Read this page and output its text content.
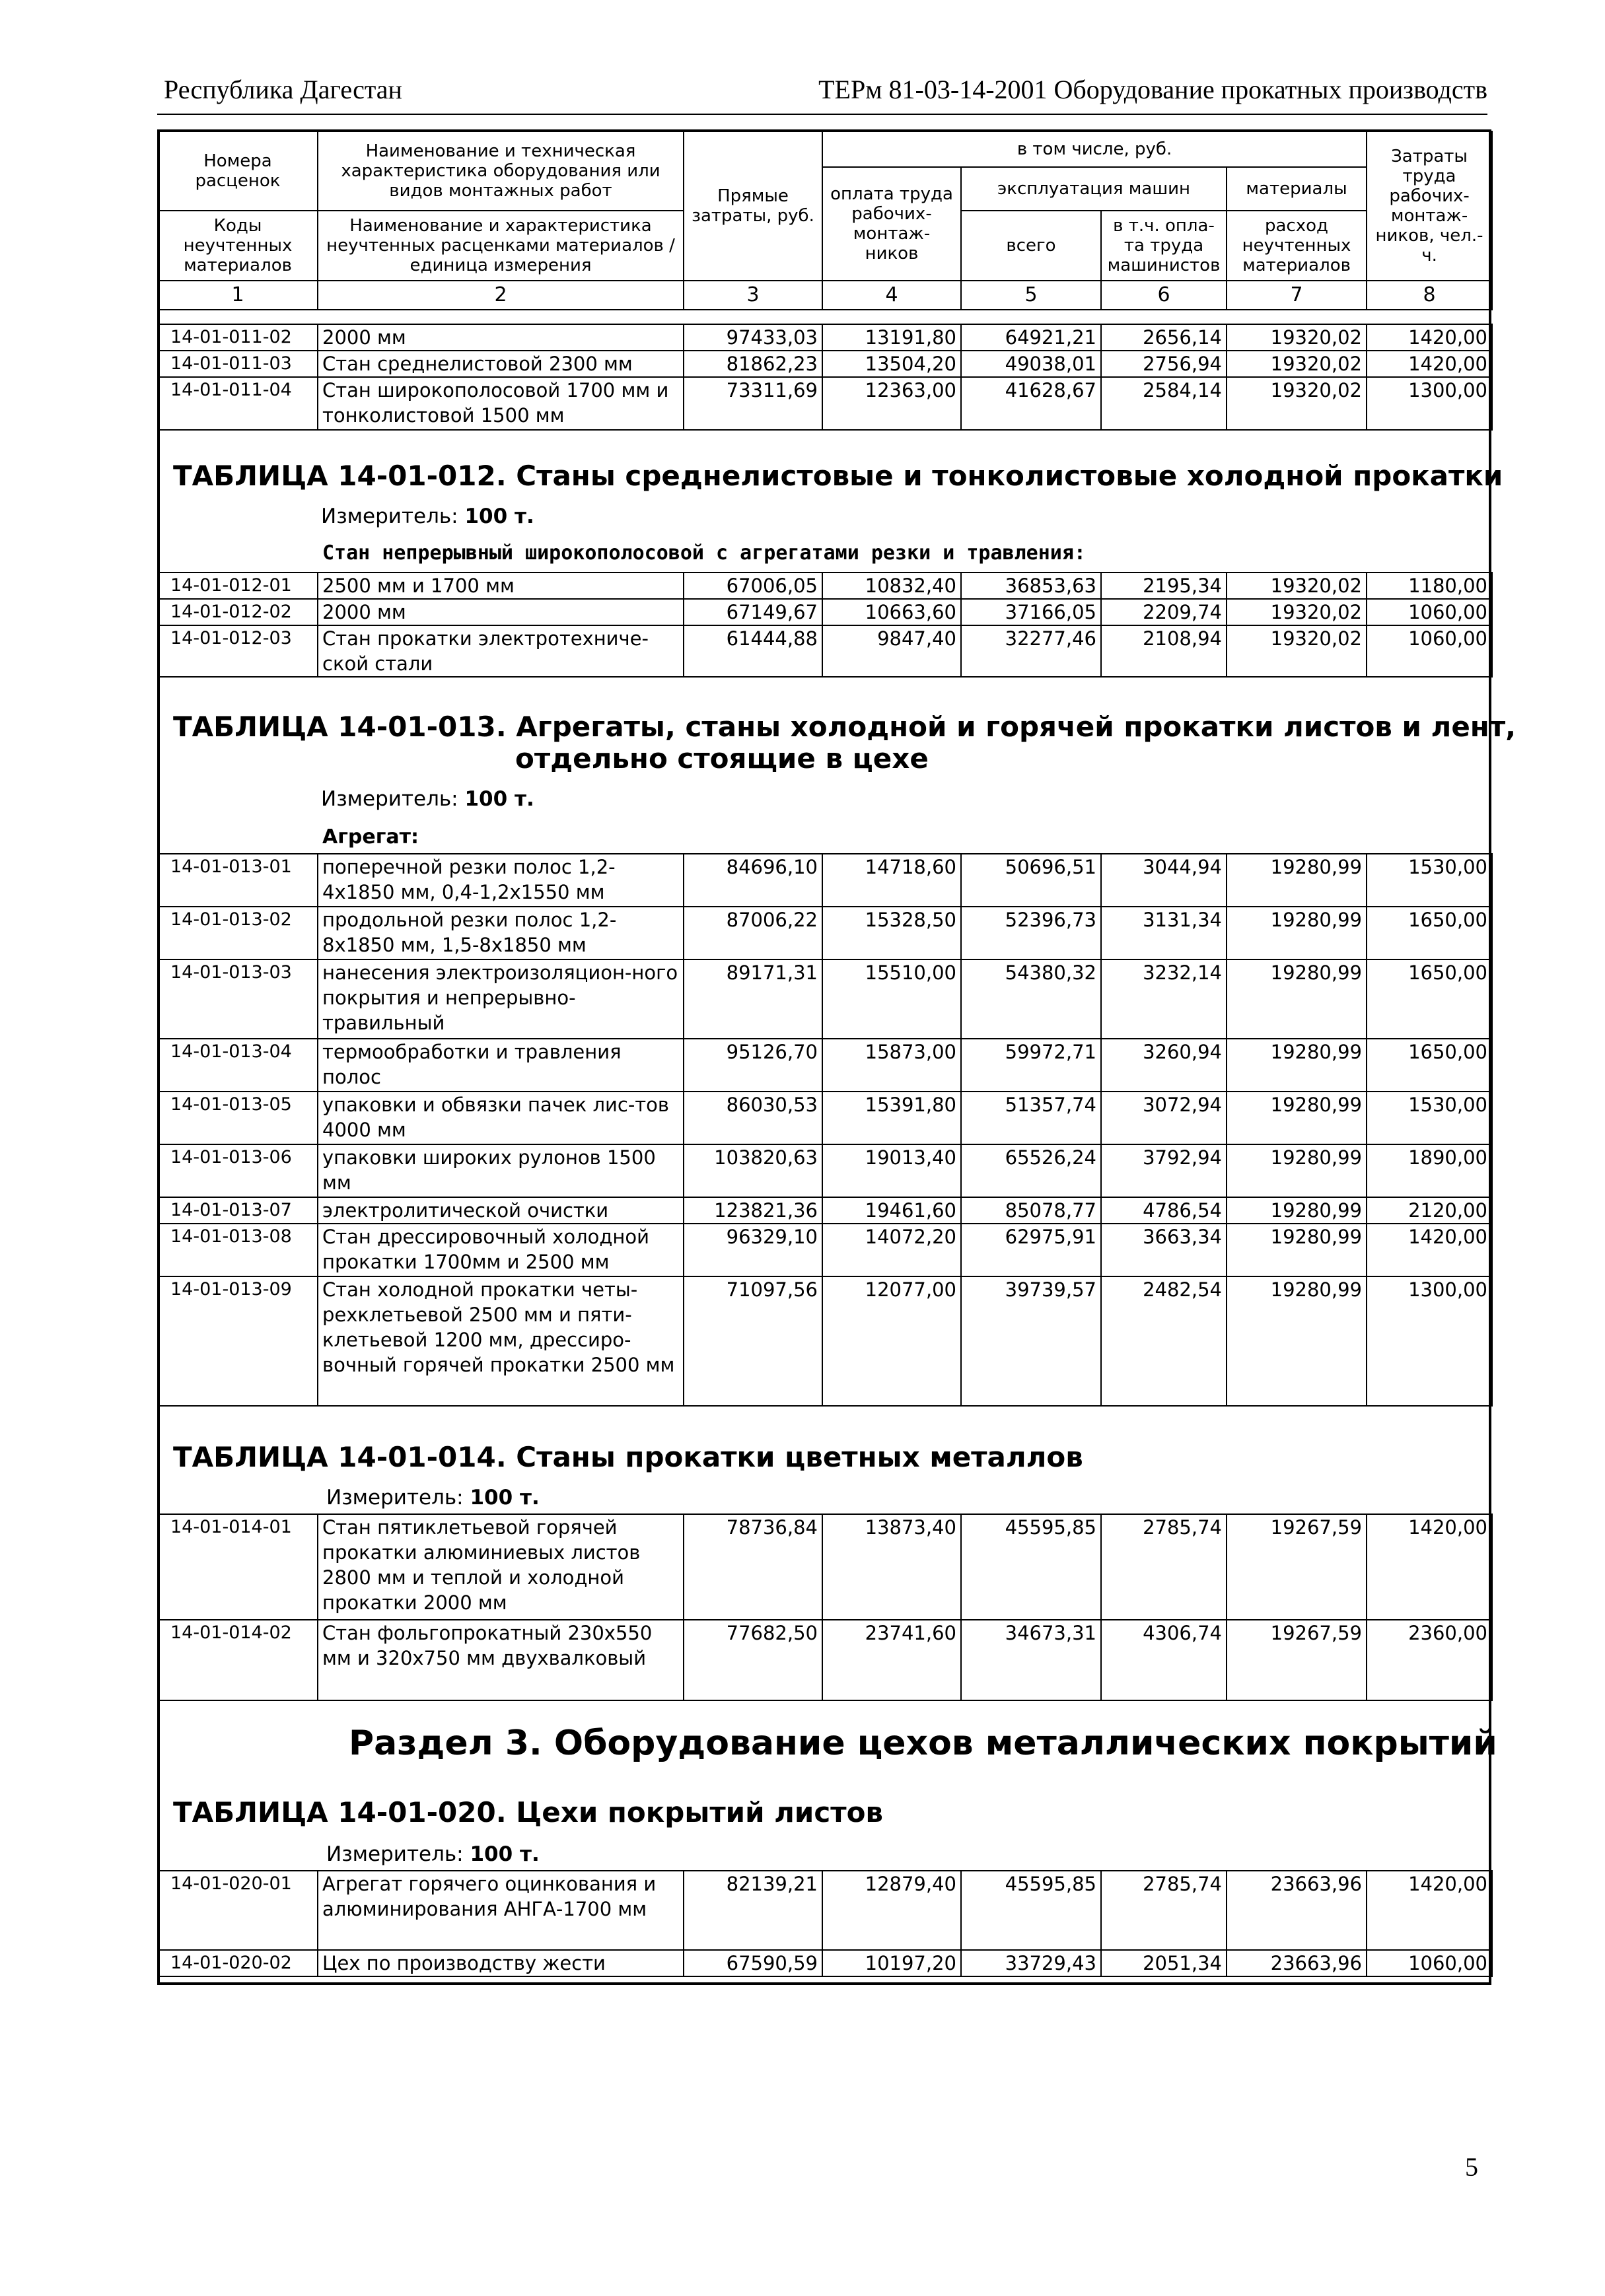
Республика Дагестан	ТЕРм 81-03-14-2001 Оборудование прокатных производств
Номера расценок	Наименование и техническая характеристика оборудования или видов монтажных работ	Прямые затраты, руб.	в том числе, руб.				Затраты труда рабочих-монтаж-ников, чел.-ч.
			оплата труда рабочих-монтаж-ников	эксплуатация машин		материалы	
Коды неучтенных материалов	Наименование и характеристика неучтенных расценками материалов / единица измерения			всего	в т.ч. опла-та труда машинистов	расход неучтенных материалов	

1	2	3	4	5	6	7	8
14-01-011-02	2000 мм	97433,03	13191,80	64921,21	2656,14	19320,02	1420,00
14-01-011-03	Стан среднелистовой 2300 мм	81862,23	13504,20	49038,01	2756,94	19320,02	1420,00
14-01-011-04	Стан широкополосовой 1700 мм и тонколистовой 1500 мм	73311,69	12363,00	41628,67	2584,14	19320,02	1300,00
ТАБЛИЦА 14-01-012. Станы среднелистовые и тонколистовые холодной прокатки
Измеритель: 100 т.
Стан непрерывный широкополосовой с агрегатами резки и травления:
14-01-012-01	2500 мм и 1700 мм	67006,05	10832,40	36853,63	2195,34	19320,02	1180,00
14-01-012-02	2000 мм	67149,67	10663,60	37166,05	2209,74	19320,02	1060,00
14-01-012-03	Стан прокатки электротехниче-ской стали	61444,88	9847,40	32277,46	2108,94	19320,02	1060,00
ТАБЛИЦА 14-01-013. Агрегаты, станы холодной и горячей прокатки листов и лент,
отдельно стоящие в цехе
Измеритель: 100 т.
Агрегат:
14-01-013-01	поперечной резки полос 1,2-4x1850 мм, 0,4-1,2x1550 мм	84696,10	14718,60	50696,51	3044,94	19280,99	1530,00
14-01-013-02	продольной резки полос 1,2-8x1850 мм, 1,5-8x1850 мм	87006,22	15328,50	52396,73	3131,34	19280,99	1650,00
14-01-013-03	нанесения электроизоляцион-ного покрытия и непрерывно-травильный	89171,31	15510,00	54380,32	3232,14	19280,99	1650,00
14-01-013-04	термообработки и травления полос	95126,70	15873,00	59972,71	3260,94	19280,99	1650,00
14-01-013-05	упаковки и обвязки пачек лис-тов 4000 мм	86030,53	15391,80	51357,74	3072,94	19280,99	1530,00
14-01-013-06	упаковки широких рулонов 1500 мм	103820,63	19013,40	65526,24	3792,94	19280,99	1890,00
14-01-013-07	электролитической очистки	123821,36	19461,60	85078,77	4786,54	19280,99	2120,00
14-01-013-08	Стан дрессировочный холодной прокатки 1700мм и 2500 мм	96329,10	14072,20	62975,91	3663,34	19280,99	1420,00
14-01-013-09	Стан холодной прокатки четы-рехклетьевой 2500 мм и пяти-клетьевой 1200 мм, дрессиро-вочный горячей прокатки 2500 мм	71097,56	12077,00	39739,57	2482,54	19280,99	1300,00
ТАБЛИЦА 14-01-014. Станы прокатки цветных металлов
Измеритель: 100 т.
14-01-014-01	Стан пятиклетьевой горячей прокатки алюминиевых листов 2800 мм и теплой и холодной прокатки 2000 мм	78736,84	13873,40	45595,85	2785,74	19267,59	1420,00
14-01-014-02	Стан фольгопрокатный 230x550 мм и 320x750 мм двухвалковый	77682,50	23741,60	34673,31	4306,74	19267,59	2360,00
Раздел 3. Оборудование цехов металлических покрытий
ТАБЛИЦА 14-01-020. Цехи покрытий листов
Измеритель: 100 т.
14-01-020-01	Агрегат горячего оцинкования и алюминирования АНГА-1700 мм	82139,21	12879,40	45595,85	2785,74	23663,96	1420,00
14-01-020-02	Цех по производству жести	67590,59	10197,20	33729,43	2051,34	23663,96	1060,00
5
